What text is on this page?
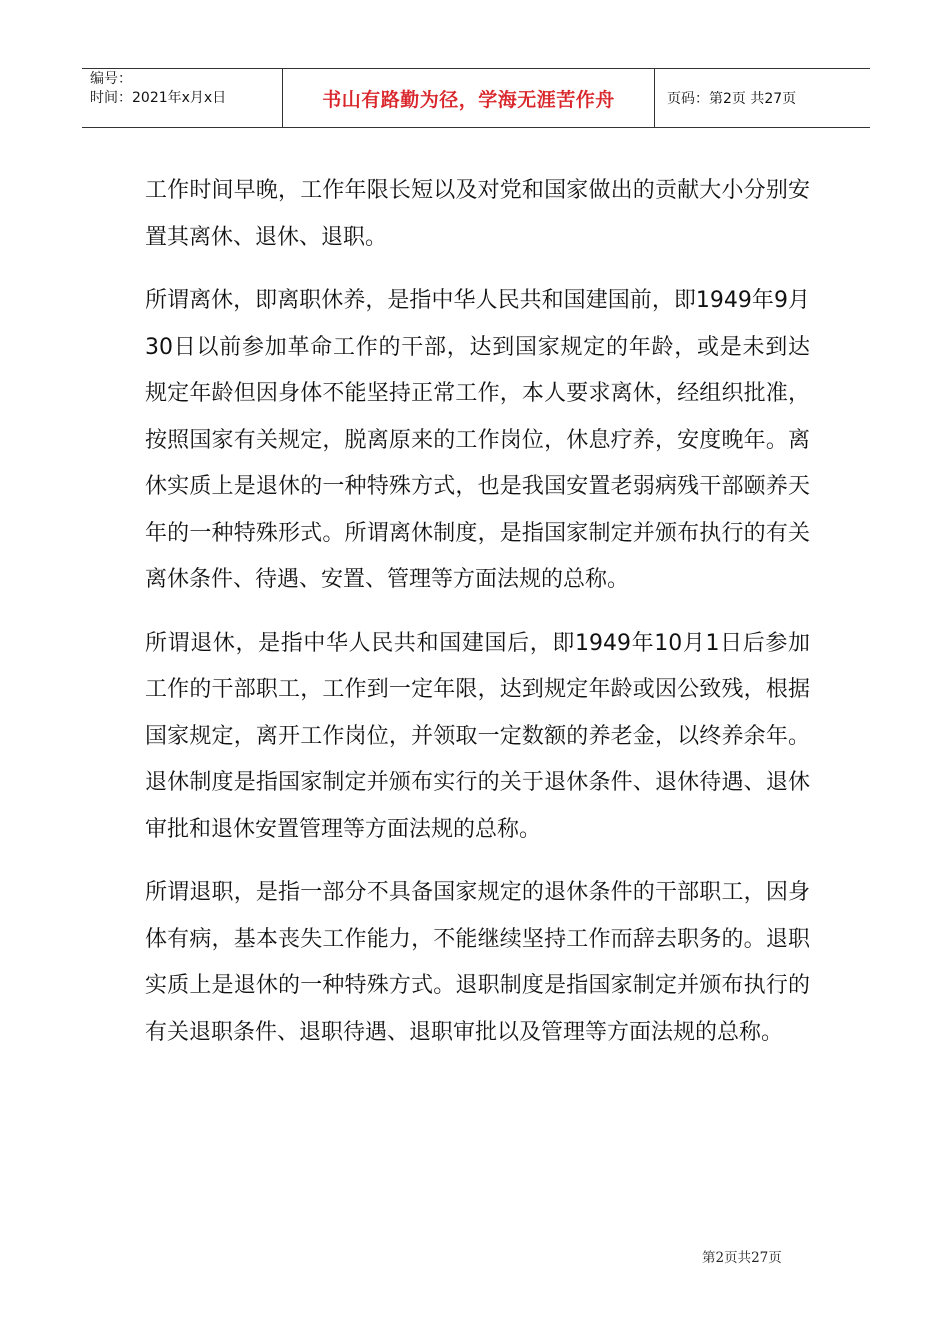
编号：
时间：2021年x月x日	书山有路勤为径，学海无涯苦作舟	页码：第2页 共27页

工作时间早晚，工作年限长短以及对党和国家做出的贡献大小分别安置其离休、退休、退职。

所谓离休，即离职休养，是指中华人民共和国建国前，即1949年9月30日以前参加革命工作的干部，达到国家规定的年龄，或是未到达规定年龄但因身体不能坚持正常工作，本人要求离休，经组织批准，按照国家有关规定，脱离原来的工作岗位，休息疗养，安度晚年。离休实质上是退休的一种特殊方式，也是我国安置老弱病残干部颐养天年的一种特殊形式。所谓离休制度，是指国家制定并颁布执行的有关离休条件、待遇、安置、管理等方面法规的总称。

所谓退休，是指中华人民共和国建国后，即1949年10月1日后参加工作的干部职工，工作到一定年限，达到规定年龄或因公致残，根据国家规定，离开工作岗位，并领取一定数额的养老金，以终养余年。退休制度是指国家制定并颁布实行的关于退休条件、退休待遇、退休审批和退休安置管理等方面法规的总称。

所谓退职，是指一部分不具备国家规定的退休条件的干部职工，因身体有病，基本丧失工作能力，不能继续坚持工作而辞去职务的。退职实质上是退休的一种特殊方式。退职制度是指国家制定并颁布执行的有关退职条件、退职待遇、退职审批以及管理等方面法规的总称。

第2页共27页
